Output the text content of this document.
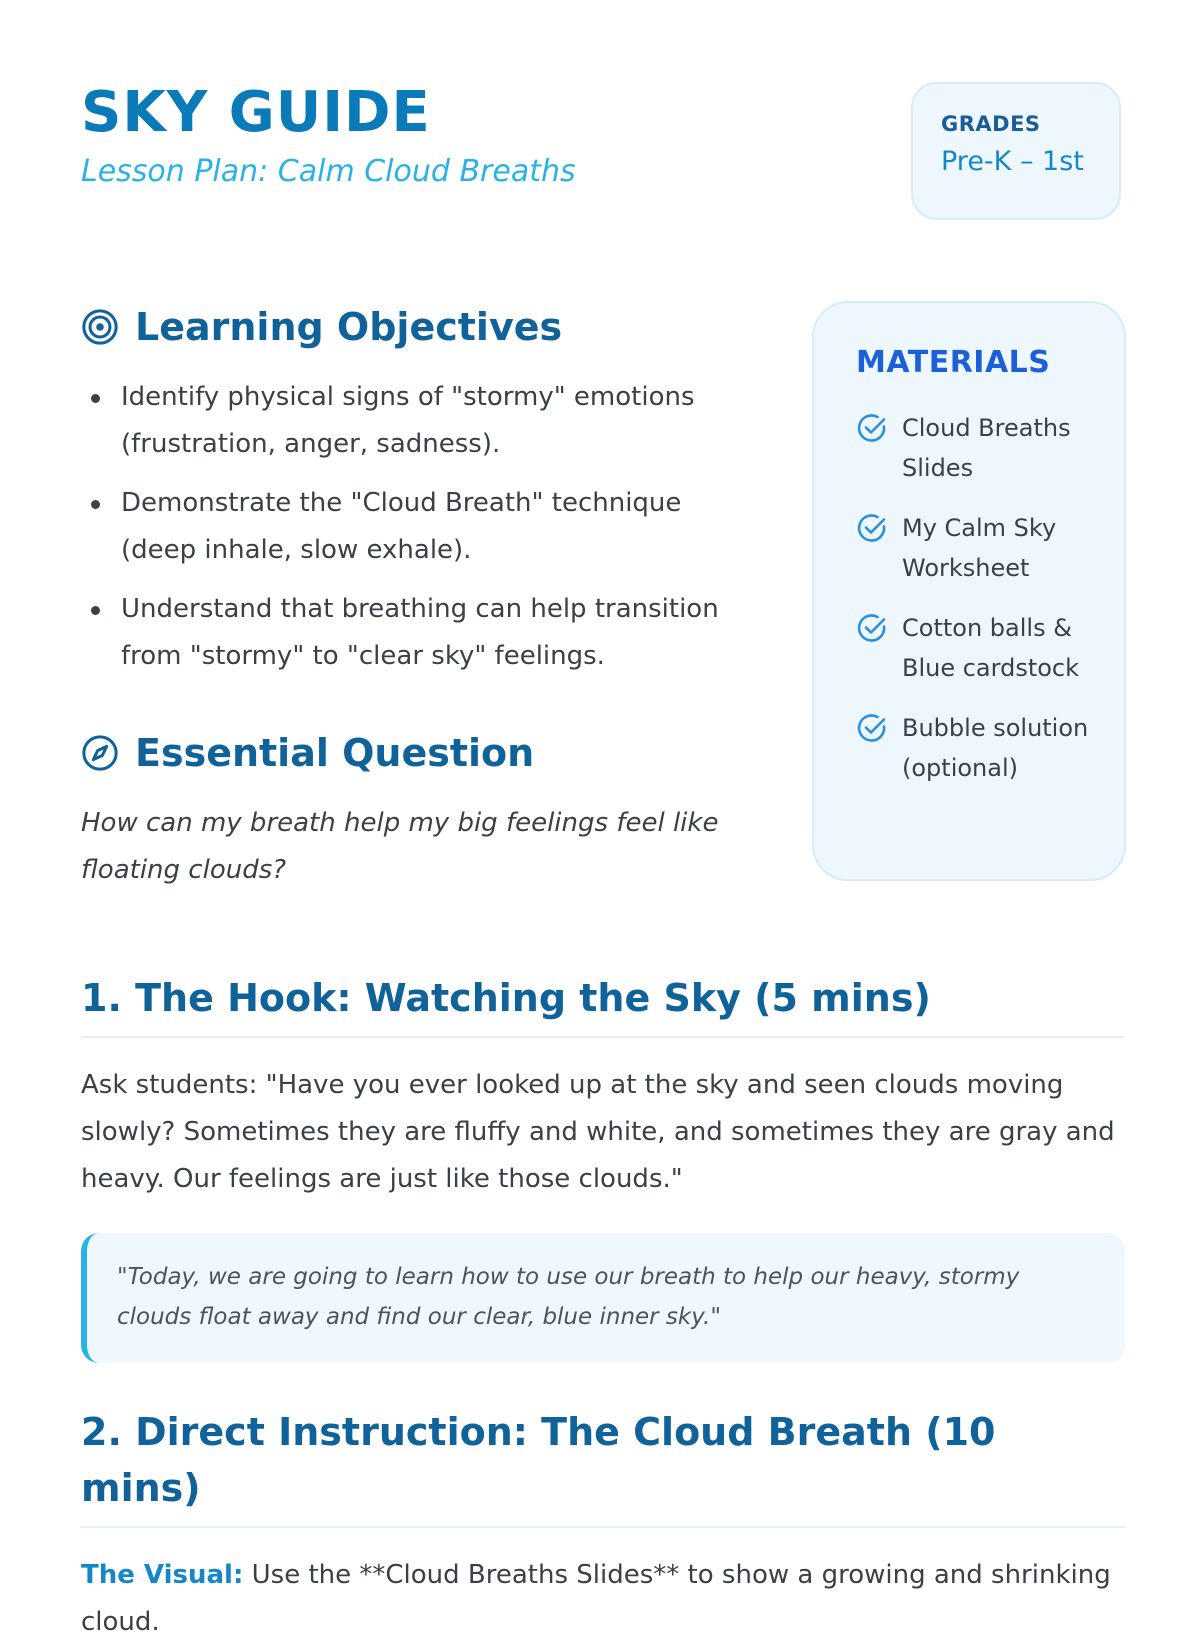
SKY GUIDE
Lesson Plan: Calm Cloud Breaths
GRADES
Pre-K – 1st
Learning Objectives
Identify physical signs of "stormy" emotions (frustration, anger, sadness).
Demonstrate the "Cloud Breath" technique (deep inhale, slow exhale).
Understand that breathing can help transition from "stormy" to "clear sky" feelings.
Essential Question

How can my breath help my big feelings feel like floating clouds?

MATERIALS
Cloud Breaths Slides
My Calm Sky Worksheet
Cotton balls & Blue cardstock
Bubble solution (optional)
1. The Hook: Watching the Sky (5 mins)

Ask students: "Have you ever looked up at the sky and seen clouds moving slowly? Sometimes they are fluffy and white, and sometimes they are gray and heavy. Our feelings are just like those clouds."

"Today, we are going to learn how to use our breath to help our heavy, stormy clouds float away and find our clear, blue inner sky."
2. Direct Instruction: The Cloud Breath (10 mins)

The Visual: Use the **Cloud Breaths Slides** to show a growing and shrinking cloud.
